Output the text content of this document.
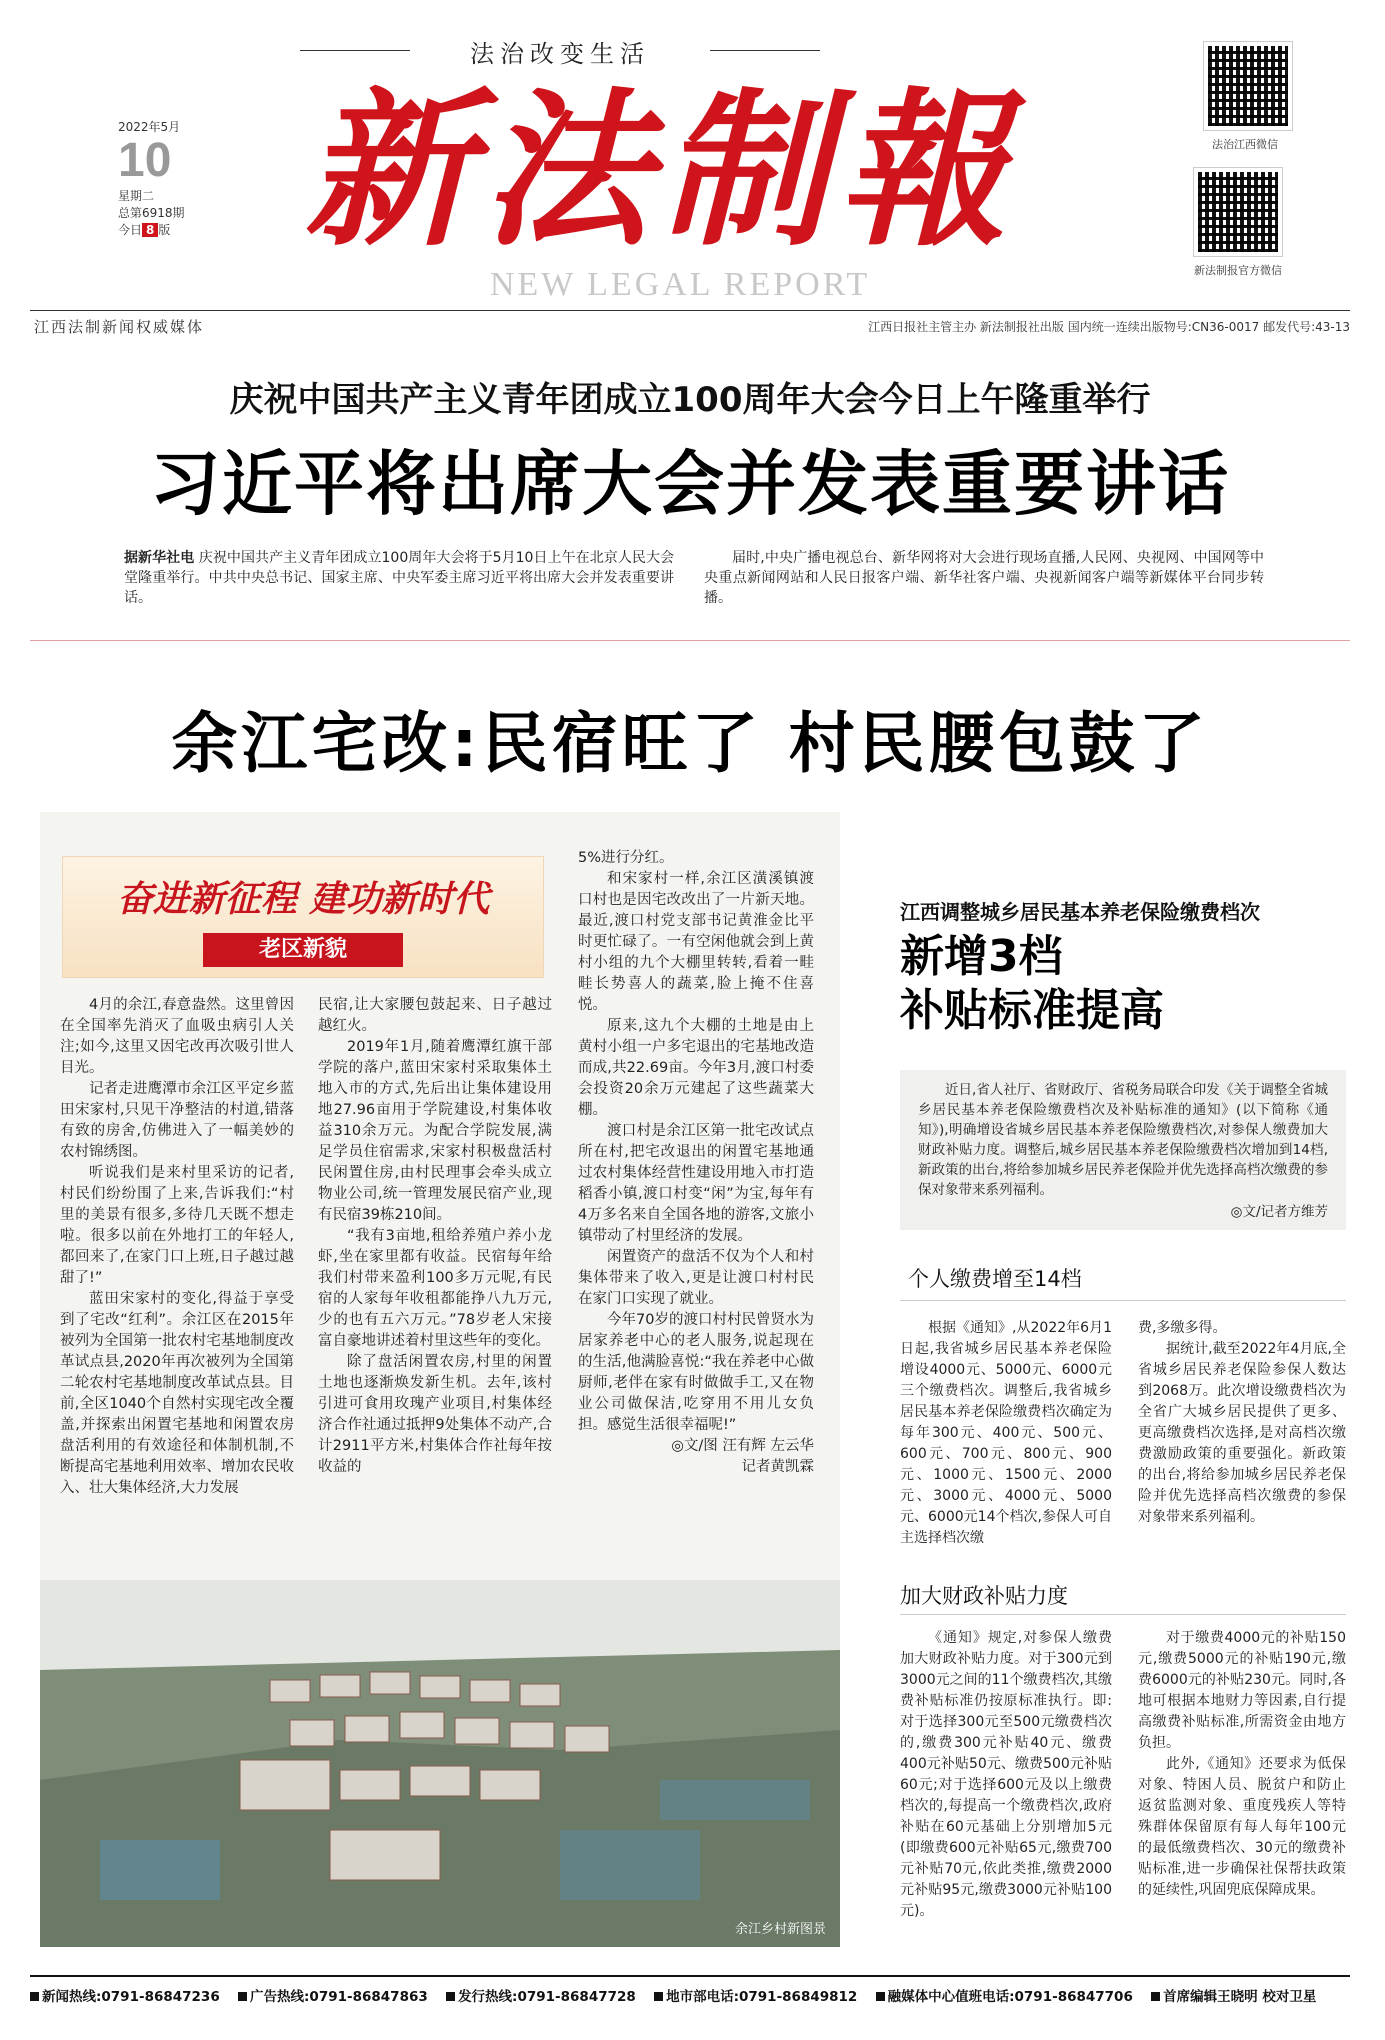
法治改变生活
2022年5月
10
星期二
总第6918期
今日 8 版 新法制報
NEW LEGAL REPORT
法治江西微信
新法制报官方微信
江西法制新闻权威媒体	江西日报社主管主办 新法制报社出版 国内统一连续出版物号:CN36-0017 邮发代号:43-13
庆祝中国共产主义青年团成立100周年大会今日上午隆重举行
习近平将出席大会并发表重要讲话
据新华社电 庆祝中国共产主义青年团成立100周年大会将于5月10日上午在北京人民大会堂隆重举行。中共中央总书记、国家主席、中央军委主席习近平将出席大会并发表重要讲话。
届时,中央广播电视总台、新华网将对大会进行现场直播,人民网、央视网、中国网等中央重点新闻网站和人民日报客户端、新华社客户端、央视新闻客户端等新媒体平台同步转播。
余江宅改:民宿旺了 村民腰包鼓了
奋进新征程 建功新时代
老区新貌

4月的余江,春意盎然。这里曾因在全国率先消灭了血吸虫病引人关注;如今,这里又因宅改再次吸引世人目光。

记者走进鹰潭市余江区平定乡蓝田宋家村,只见干净整洁的村道,错落有致的房舍,仿佛进入了一幅美妙的农村锦绣图。

听说我们是来村里采访的记者,村民们纷纷围了上来,告诉我们:“村里的美景有很多,多待几天既不想走啦。很多以前在外地打工的年轻人,都回来了,在家门口上班,日子越过越甜了!”

蓝田宋家村的变化,得益于享受到了宅改“红利”。余江区在2015年被列为全国第一批农村宅基地制度改革试点县,2020年再次被列为全国第二轮农村宅基地制度改革试点县。目前,全区1040个自然村实现宅改全覆盖,并探索出闲置宅基地和闲置农房盘活利用的有效途径和体制机制,不断提高宅基地利用效率、增加农民收入、壮大集体经济,大力发展

民宿,让大家腰包鼓起来、日子越过越红火。

2019年1月,随着鹰潭红旗干部学院的落户,蓝田宋家村采取集体土地入市的方式,先后出让集体建设用地27.96亩用于学院建设,村集体收益310余万元。为配合学院发展,满足学员住宿需求,宋家村积极盘活村民闲置住房,由村民理事会牵头成立物业公司,统一管理发展民宿产业,现有民宿39栋210间。

“我有3亩地,租给养殖户养小龙虾,坐在家里都有收益。民宿每年给我们村带来盈利100多万元呢,有民宿的人家每年收租都能挣八九万元,少的也有五六万元。”78岁老人宋接富自豪地讲述着村里这些年的变化。

除了盘活闲置农房,村里的闲置土地也逐渐焕发新生机。去年,该村引进可食用玫瑰产业项目,村集体经济合作社通过抵押9处集体不动产,合计2911平方米,村集体合作社每年按收益的

5%进行分红。

和宋家村一样,余江区潢溪镇渡口村也是因宅改改出了一片新天地。最近,渡口村党支部书记黄淮金比平时更忙碌了。一有空闲他就会到上黄村小组的九个大棚里转转,看着一畦畦长势喜人的蔬菜,脸上掩不住喜悦。

原来,这九个大棚的土地是由上黄村小组一户多宅退出的宅基地改造而成,共22.69亩。今年3月,渡口村委会投资20余万元建起了这些蔬菜大棚。

渡口村是余江区第一批宅改试点所在村,把宅改退出的闲置宅基地通过农村集体经营性建设用地入市打造稻香小镇,渡口村变“闲”为宝,每年有4万多名来自全国各地的游客,文旅小镇带动了村里经济的发展。

闲置资产的盘活不仅为个人和村集体带来了收入,更是让渡口村村民在家门口实现了就业。

今年70岁的渡口村村民曾贤水为居家养老中心的老人服务,说起现在的生活,他满脸喜悦:“我在养老中心做厨师,老伴在家有时做做手工,又在物业公司做保洁,吃穿用不用儿女负担。感觉生活很幸福呢!”

◎文/图 汪有辉 左云华
记者黄凯霖
余江乡村新图景
江西调整城乡居民基本养老保险缴费档次
新增3档
补贴标准提高
近日,省人社厅、省财政厅、省税务局联合印发《关于调整全省城乡居民基本养老保险缴费档次及补贴标准的通知》(以下简称《通知》),明确增设省城乡居民基本养老保险缴费档次,对参保人缴费加大财政补贴力度。调整后,城乡居民基本养老保险缴费档次增加到14档,新政策的出台,将给参加城乡居民养老保险并优先选择高档次缴费的参保对象带来系列福利。
◎文/记者方维芳
个人缴费增至14档
根据《通知》,从2022年6月1日起,我省城乡居民基本养老保险增设4000元、5000元、6000元三个缴费档次。调整后,我省城乡居民基本养老保险缴费档次确定为每年300元、400元、500元、600元、700元、800元、900元、1000元、1500元、2000元、3000元、4000元、5000元、6000元14个档次,参保人可自主选择档次缴

费,多缴多得。

据统计,截至2022年4月底,全省城乡居民养老保险参保人数达到2068万。此次增设缴费档次为全省广大城乡居民提供了更多、更高缴费档次选择,是对高档次缴费激励政策的重要强化。新政策的出台,将给参加城乡居民养老保险并优先选择高档次缴费的参保对象带来系列福利。

加大财政补贴力度
《通知》规定,对参保人缴费加大财政补贴力度。对于300元到3000元之间的11个缴费档次,其缴费补贴标准仍按原标准执行。即:对于选择300元至500元缴费档次的,缴费300元补贴40元、缴费400元补贴50元、缴费500元补贴60元;对于选择600元及以上缴费档次的,每提高一个缴费档次,政府补贴在60元基础上分别增加5元(即缴费600元补贴65元,缴费700元补贴70元,依此类推,缴费2000元补贴95元,缴费3000元补贴100元)。

对于缴费4000元的补贴150元,缴费5000元的补贴190元,缴费6000元的补贴230元。同时,各地可根据本地财力等因素,自行提高缴费补贴标准,所需资金由地方负担。

此外,《通知》还要求为低保对象、特困人员、脱贫户和防止返贫监测对象、重度残疾人等特殊群体保留原有每人每年100元的最低缴费档次、30元的缴费补贴标准,进一步确保社保帮扶政策的延续性,巩固兜底保障成果。

新闻热线:0791-86847236 广告热线:0791-86847863 发行热线:0791-86847728 地市部电话:0791-86849812 融媒体中心值班电话:0791-86847706 首席编辑王晓明 校对卫星
